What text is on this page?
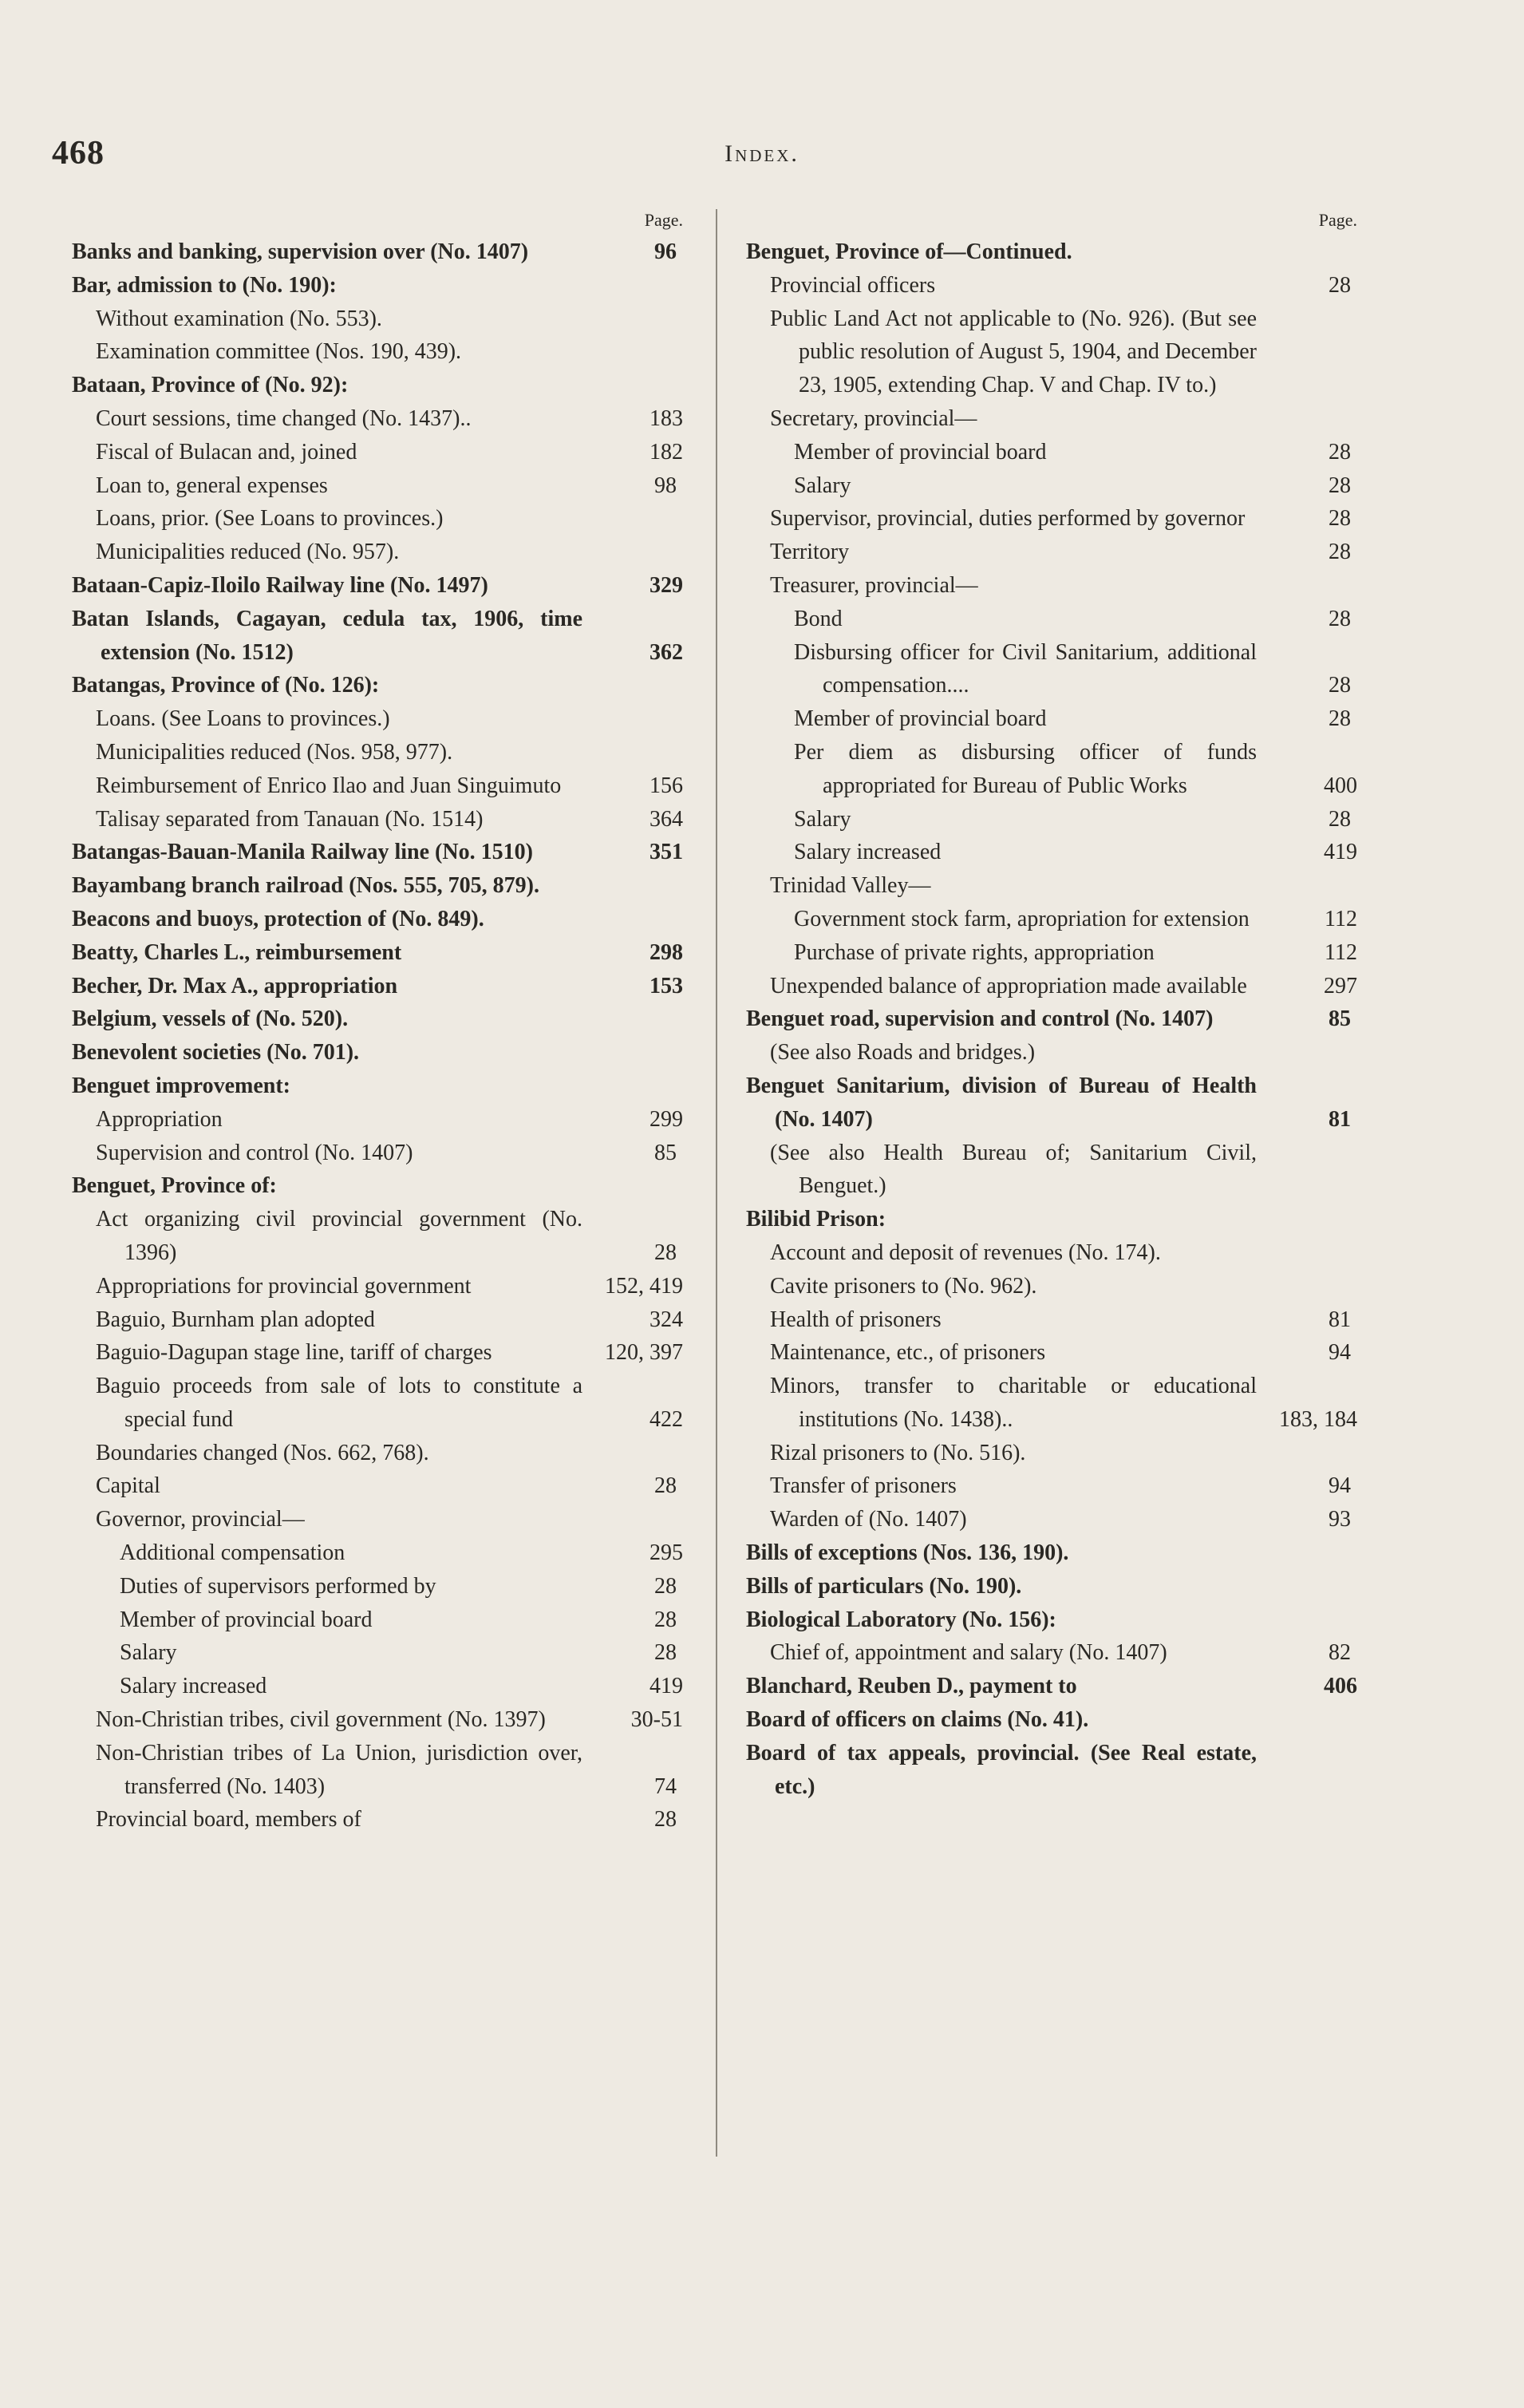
468	Index.
Page.
Banks and banking, supervision over (No. 1407)	96
Bar, admission to (No. 190):
Without examination (No. 553).
Examination committee (Nos. 190, 439).
Bataan, Province of (No. 92):
Court sessions, time changed (No. 1437)..	183
Fiscal of Bulacan and, joined	182
Loan to, general expenses	98
Loans, prior. (See Loans to provinces.)
Municipalities reduced (No. 957).
Bataan-Capiz-Iloilo Railway line (No. 1497)	329
Batan Islands, Cagayan, cedula tax, 1906, time extension (No. 1512)	362
Batangas, Province of (No. 126):
Loans. (See Loans to provinces.)
Municipalities reduced (Nos. 958, 977).
Reimbursement of Enrico Ilao and Juan Singuimuto	156
Talisay separated from Tanauan (No. 1514)	364
Batangas-Bauan-Manila Railway line (No. 1510)	351
Bayambang branch railroad (Nos. 555, 705, 879).
Beacons and buoys, protection of (No. 849).
Beatty, Charles L., reimbursement	298
Becher, Dr. Max A., appropriation	153
Belgium, vessels of (No. 520).
Benevolent societies (No. 701).
Benguet improvement:
Appropriation	299
Supervision and control (No. 1407)	85
Benguet, Province of:
Act organizing civil provincial government (No. 1396)	28
Appropriations for provincial government	152, 419
Baguio, Burnham plan adopted	324
Baguio-Dagupan stage line, tariff of charges	120, 397
Baguio proceeds from sale of lots to constitute a special fund	422
Boundaries changed (Nos. 662, 768).
Capital	28
Governor, provincial—
Additional compensation	295
Duties of supervisors performed by	28
Member of provincial board	28
Salary	28
Salary increased	419
Non-Christian tribes, civil government (No. 1397)	30-51
Non-Christian tribes of La Union, jurisdiction over, transferred (No. 1403)	74
Provincial board, members of	28
Page.
Benguet, Province of—Continued.
Provincial officers	28
Public Land Act not applicable to (No. 926). (But see public resolution of August 5, 1904, and December 23, 1905, extending Chap. V and Chap. IV to.)
Secretary, provincial—
Member of provincial board	28
Salary	28
Supervisor, provincial, duties performed by governor	28
Territory	28
Treasurer, provincial—
Bond	28
Disbursing officer for Civil Sanitarium, additional compensation....	28
Member of provincial board	28
Per diem as disbursing officer of funds appropriated for Bureau of Public Works	400
Salary	28
Salary increased	419
Trinidad Valley—
Government stock farm, apropriation for extension	112
Purchase of private rights, appropriation	112
Unexpended balance of appropriation made available	297
Benguet road, supervision and control (No. 1407)	85
(See also Roads and bridges.)
Benguet Sanitarium, division of Bureau of Health (No. 1407)	81
(See also Health Bureau of; Sanitarium Civil, Benguet.)
Bilibid Prison:
Account and deposit of revenues (No. 174).
Cavite prisoners to (No. 962).
Health of prisoners	81
Maintenance, etc., of prisoners	94
Minors, transfer to charitable or educational institutions (No. 1438)..	183, 184
Rizal prisoners to (No. 516).
Transfer of prisoners	94
Warden of (No. 1407)	93
Bills of exceptions (Nos. 136, 190).
Bills of particulars (No. 190).
Biological Laboratory (No. 156):
Chief of, appointment and salary (No. 1407)	82
Blanchard, Reuben D., payment to	406
Board of officers on claims (No. 41).
Board of tax appeals, provincial. (See Real estate, etc.)
